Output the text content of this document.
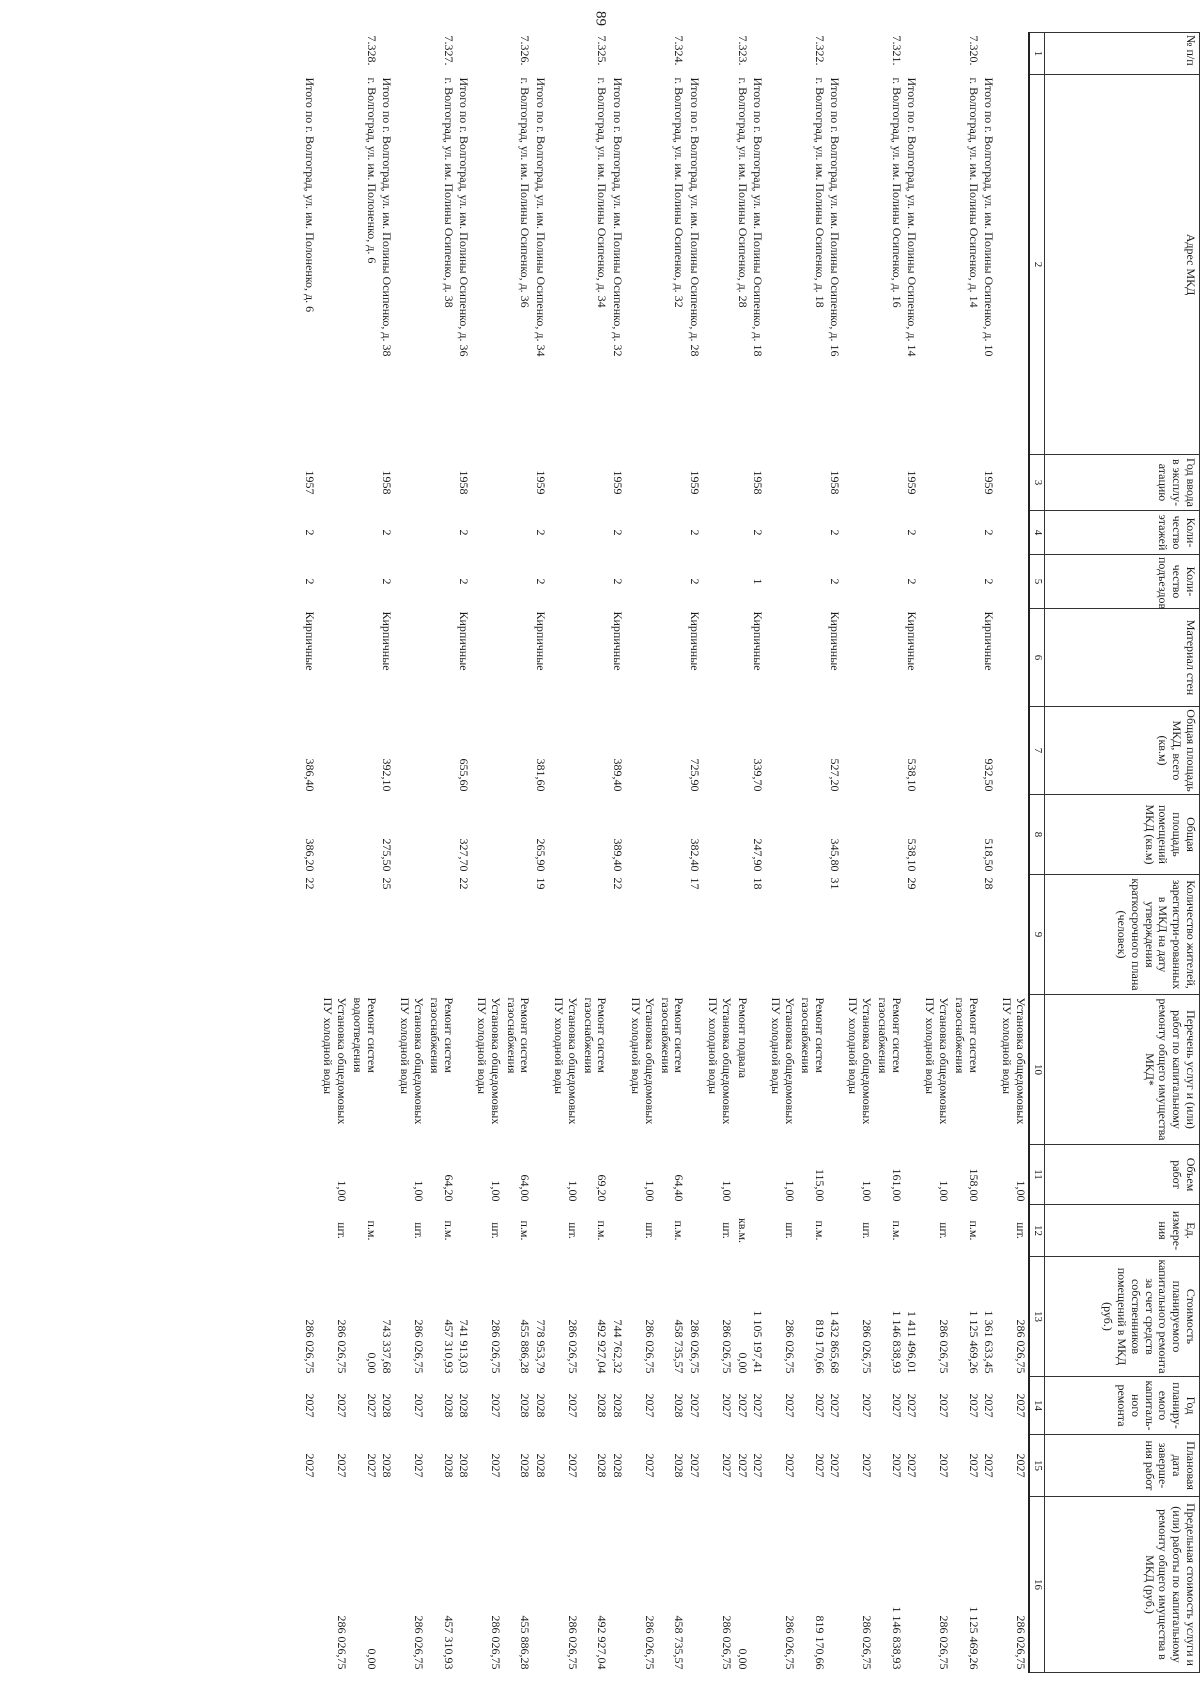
89
№ п/п	Адрес МКД	Год ввода в эксплу-атацию	Коли-чество этажей	Коли-чество подъездов	Материал стен	Общая площадь МКД, всего (кв.м)	Общая площадь помещений МКД (кв.м)	Количество жителей, зарегистри-рованных в МКД на дату утверждения краткосрочного плана (человек)	Перечень услуг и (или) работ по капитальному ремонту общего имущества МКД*	Объем работ	Ед. измере-ния	Стоимость планируемого капитального ремонта за счет средств собственников помещений в МКД (руб.)	Год планиру-емого капиталь-ного ремонта	Плановая дата заверше-ния работ	Предельная стоимость услуги и (или) работы по капитальному ремонту общего имущества в МКД (руб.)
1	2	3	4	5	6	7	8	9	10	11	12	13	14	15	16
									Установка общедомовых ПУ холодной воды	1,00	шт.	286 026,75	2027	2027	286 026,75
	Итого по г. Волгоград, ул. им. Полины Осипенко, д. 10	1959	2	2	Кирпичные	932,50	518,50	28				1 361 633,45	2027	2027	
7.320.	г. Волгоград, ул. им. Полины Осипенко, д. 14								Ремонт систем газоснабжения	158,00	п.м.	1 125 469,26	2027	2027	1 125 469,26
									Установка общедомовых ПУ холодной воды	1,00	шт.	286 026,75	2027	2027	286 026,75
	Итого по г. Волгоград, ул. им. Полины Осипенко, д. 14	1959	2	2	Кирпичные	538,10	538,10	29				1 411 496,01	2027	2027	
7.321.	г. Волгоград, ул. им. Полины Осипенко, д. 16								Ремонт систем газоснабжения	161,00	п.м.	1 146 838,93	2027	2027	1 146 838,93
									Установка общедомовых ПУ холодной воды	1,00	шт.	286 026,75	2027	2027	286 026,75
	Итого по г. Волгоград, ул. им. Полины Осипенко, д. 16	1958	2	2	Кирпичные	527,20	345,80	31				1 432 865,68	2027	2027	
7.322.	г. Волгоград, ул. им. Полины Осипенко, д. 18								Ремонт систем газоснабжения	115,00	п.м.	819 170,66	2027	2027	819 170,66
									Установка общедомовых ПУ холодной воды	1,00	шт.	286 026,75	2027	2027	286 026,75
	Итого по г. Волгоград, ул. им. Полины Осипенко, д. 18	1958	2	1	Кирпичные	339,70	247,90	18				1 105 197,41	2027	2027	
7.323.	г. Волгоград, ул. им. Полины Осипенко, д. 28								Ремонт подвала		кв.м.	0,00	2027	2027	0,00
									Установка общедомовых ПУ холодной воды	1,00	шт.	286 026,75	2027	2027	286 026,75
	Итого по г. Волгоград, ул. им. Полины Осипенко, д. 28	1959	2	2	Кирпичные	725,90	382,40	17				286 026,75	2027	2027	
7.324.	г. Волгоград, ул. им. Полины Осипенко, д. 32								Ремонт систем газоснабжения	64,40	п.м.	458 735,57	2028	2028	458 735,57
									Установка общедомовых ПУ холодной воды	1,00	шт.	286 026,75	2027	2027	286 026,75
	Итого по г. Волгоград, ул. им. Полины Осипенко, д. 32	1959	2	2	Кирпичные	389,40	389,40	22				744 762,32	2028	2028	
7.325.	г. Волгоград, ул. им. Полины Осипенко, д. 34								Ремонт систем газоснабжения	69,20	п.м.	492 927,04	2028	2028	492 927,04
									Установка общедомовых ПУ холодной воды	1,00	шт.	286 026,75	2027	2027	286 026,75
	Итого по г. Волгоград, ул. им. Полины Осипенко, д. 34	1959	2	2	Кирпичные	381,60	265,90	19				778 953,79	2028	2028	
7.326.	г. Волгоград, ул. им. Полины Осипенко, д. 36								Ремонт систем газоснабжения	64,00	п.м.	455 886,28	2028	2028	455 886,28
									Установка общедомовых ПУ холодной воды	1,00	шт.	286 026,75	2027	2027	286 026,75
	Итого по г. Волгоград, ул. им. Полины Осипенко, д. 36	1958	2	2	Кирпичные	655,60	327,70	22				741 913,03	2028	2028	
7.327.	г. Волгоград, ул. им. Полины Осипенко, д. 38								Ремонт систем газоснабжения	64,20	п.м.	457 310,93	2028	2028	457 310,93
									Установка общедомовых ПУ холодной воды	1,00	шт.	286 026,75	2027	2027	286 026,75
	Итого по г. Волгоград, ул. им. Полины Осипенко, д. 38	1958	2	2	Кирпичные	392,10	275,50	25				743 337,68	2028	2028	
7.328.	г. Волгоград, ул. им. Полоненко, д. 6								Ремонт систем водоотведения		п.м.	0,00	2027	2027	0,00
									Установка общедомовых ПУ холодной воды	1,00	шт.	286 026,75	2027	2027	286 026,75
	Итого по г. Волгоград, ул. им. Полоненко, д. 6	1957	2	2	Кирпичные	386,40	386,20	22				286 026,75	2027	2027	
